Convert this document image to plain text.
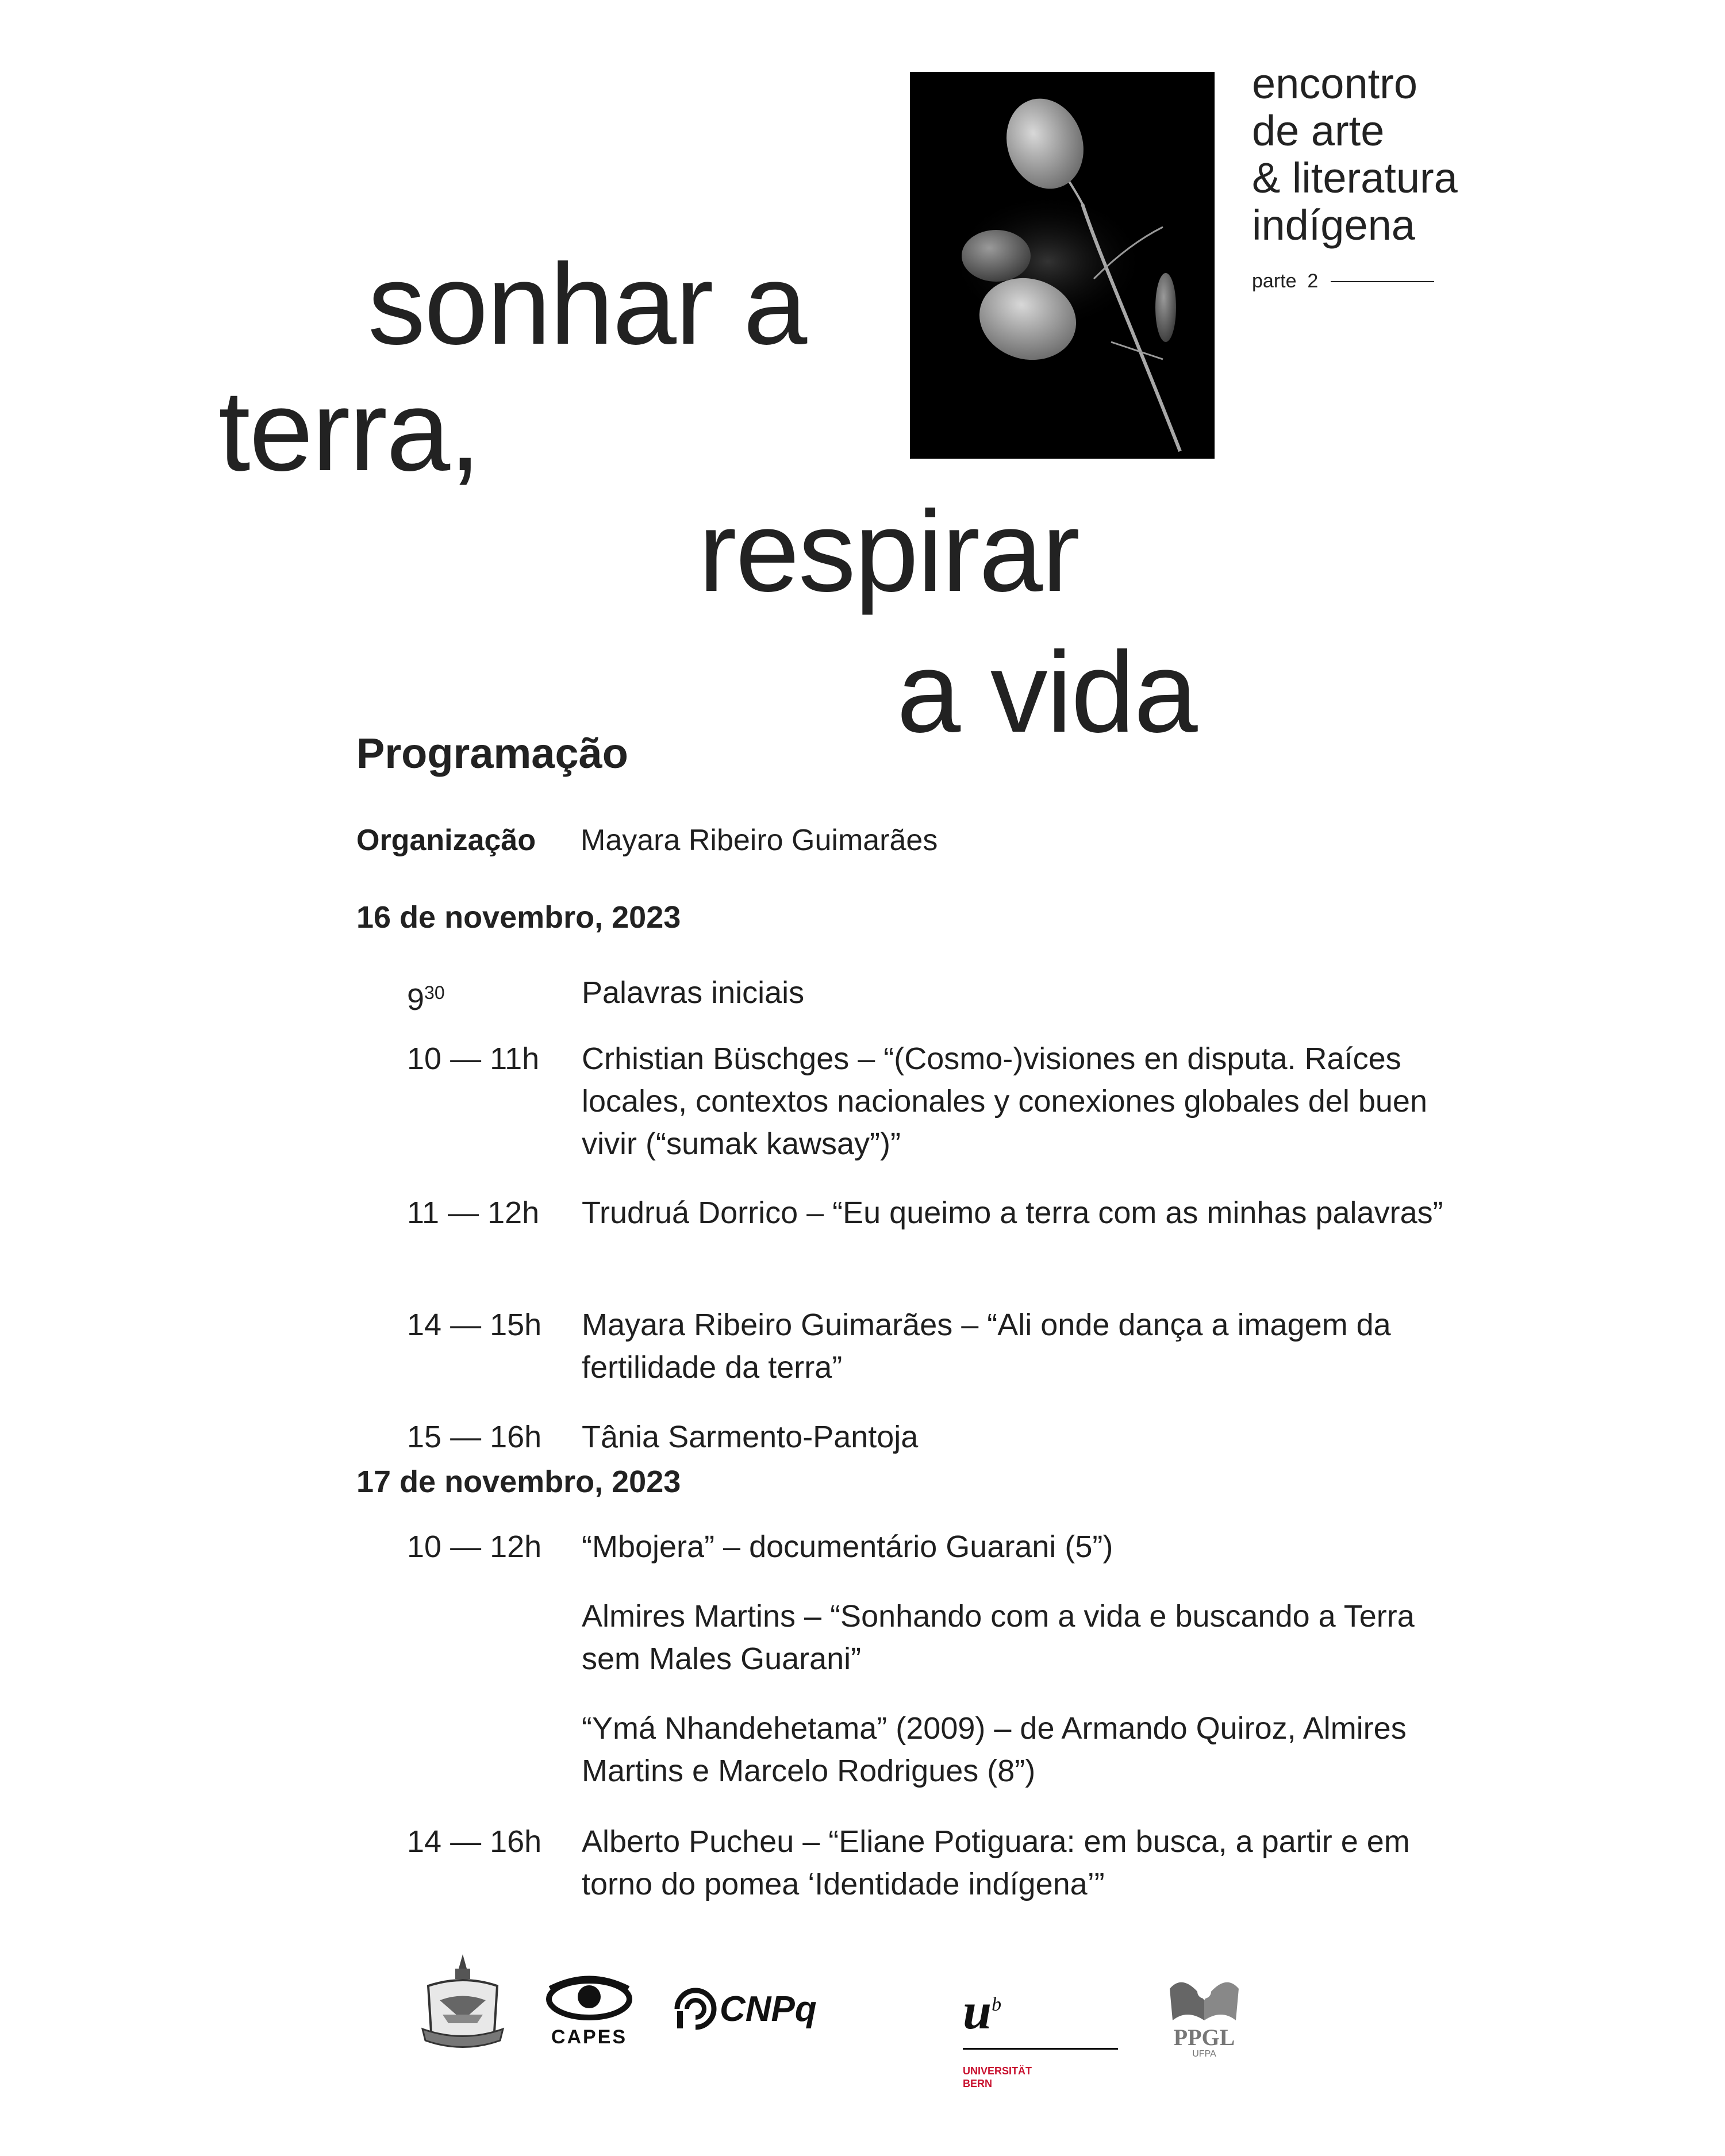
sonhar a
terra,
respirar
a vida
encontro
de arte
& literatura
indígena
parte  2
Programação
Organização	Mayara Ribeiro Guimarães
16 de novembro, 2023
$9^{30}$	Palavras iniciais
10 — 11h	Crhistian Büschges – “(Cosmo-)visiones en disputa. Raíces locales, contextos nacionales y conexiones globales del buen vivir (“sumak kawsay”)”
11 — 12h	Trudruá Dorrico – “Eu queimo a terra com as minhas palavras”
14 — 15h	Mayara Ribeiro Guimarães – “Ali onde dança a imagem da fertilidade da terra”
15 — 16h	Tânia Sarmento-Pantoja
17 de novembro, 2023
10 — 12h	“Mbojera” – documentário Guarani (5”)
Almires Martins – “Sonhando com a vida e buscando a Terra sem Males Guarani”
“Ymá Nhandehetama” (2009) – de Armando Quiroz, Almires Martins e Marcelo Rodrigues (8”)
14 — 16h	Alberto Pucheu – “Eliane Potiguara: em busca, a partir e em torno do pomea ‘Identidade indígena’”
CAPES
CNPq	$u^b$
UNIVERSITÄT BERN
PPGL
UFPA
